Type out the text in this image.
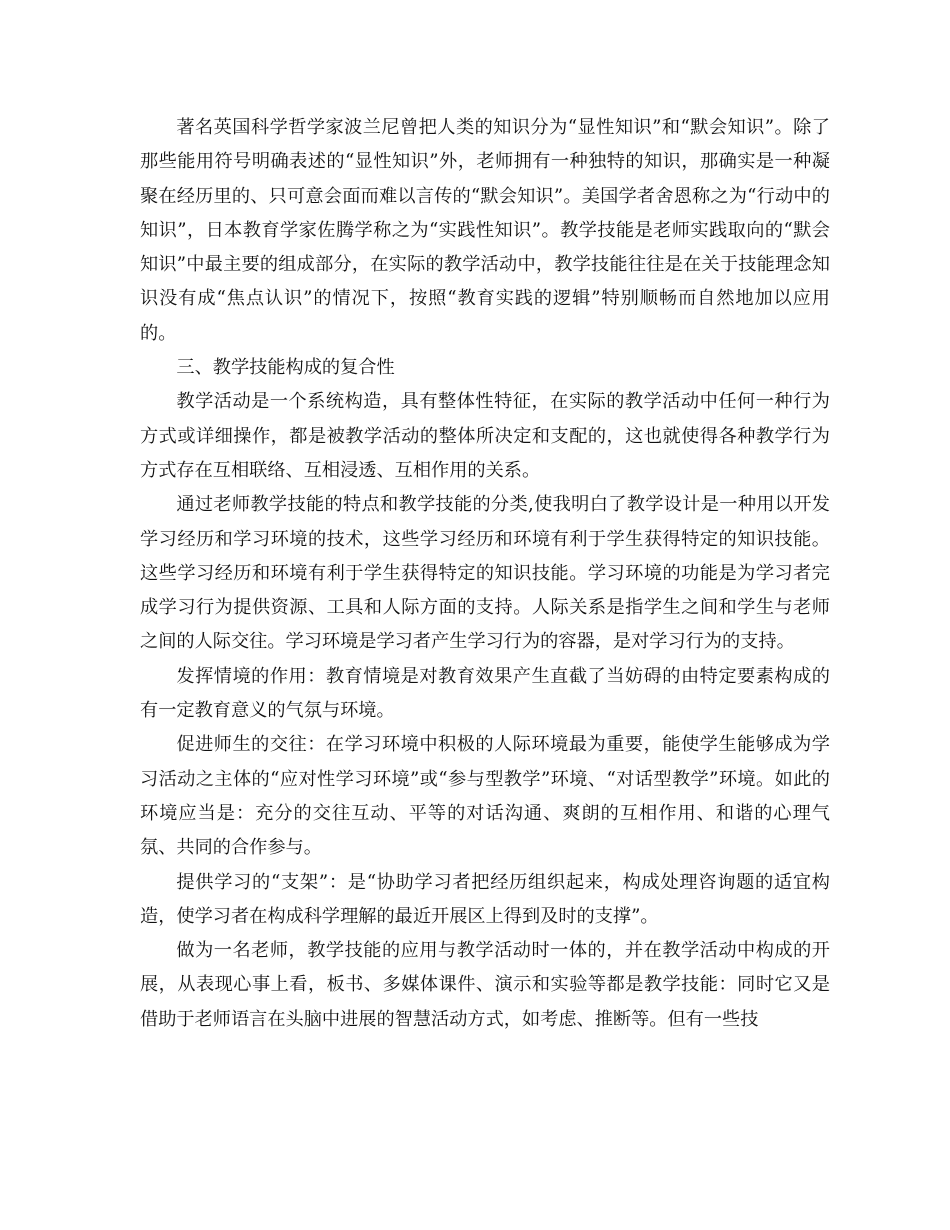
著名英国科学哲学家波兰尼曾把人类的知识分为“显性知识”和“默会知识”。除了那些能用符号明确表述的“显性知识”外，老师拥有一种独特的知识，那确实是一种凝聚在经历里的、只可意会面而难以言传的“默会知识”。美国学者舍恩称之为“行动中的知识”，日本教育学家佐腾学称之为“实践性知识”。教学技能是老师实践取向的“默会知识”中最主要的组成部分，在实际的教学活动中，教学技能往往是在关于技能理念知识没有成“焦点认识”的情况下，按照“教育实践的逻辑”特别顺畅而自然地加以应用的。

三、教学技能构成的复合性

教学活动是一个系统构造，具有整体性特征，在实际的教学活动中任何一种行为方式或详细操作，都是被教学活动的整体所决定和支配的，这也就使得各种教学行为方式存在互相联络、互相浸透、互相作用的关系。

通过老师教学技能的特点和教学技能的分类,使我明白了教学设计是一种用以开发学习经历和学习环境的技术，这些学习经历和环境有利于学生获得特定的知识技能。这些学习经历和环境有利于学生获得特定的知识技能。学习环境的功能是为学习者完成学习行为提供资源、工具和人际方面的支持。人际关系是指学生之间和学生与老师之间的人际交往。学习环境是学习者产生学习行为的容器，是对学习行为的支持。

发挥情境的作用：教育情境是对教育效果产生直截了当妨碍的由特定要素构成的有一定教育意义的气氛与环境。

促进师生的交往：在学习环境中积极的人际环境最为重要，能使学生能够成为学习活动之主体的“应对性学习环境”或“参与型教学”环境、“对话型教学”环境。如此的环境应当是：充分的交往互动、平等的对话沟通、爽朗的互相作用、和谐的心理气氛、共同的合作参与。

提供学习的“支架”：是“协助学习者把经历组织起来，构成处理咨询题的适宜构造，使学习者在构成科学理解的最近开展区上得到及时的支撑”。

做为一名老师，教学技能的应用与教学活动时一体的，并在教学活动中构成的开展，从表现心事上看，板书、多媒体课件、演示和实验等都是教学技能：同时它又是借助于老师语言在头脑中进展的智慧活动方式，如考虑、推断等。但有一些技
